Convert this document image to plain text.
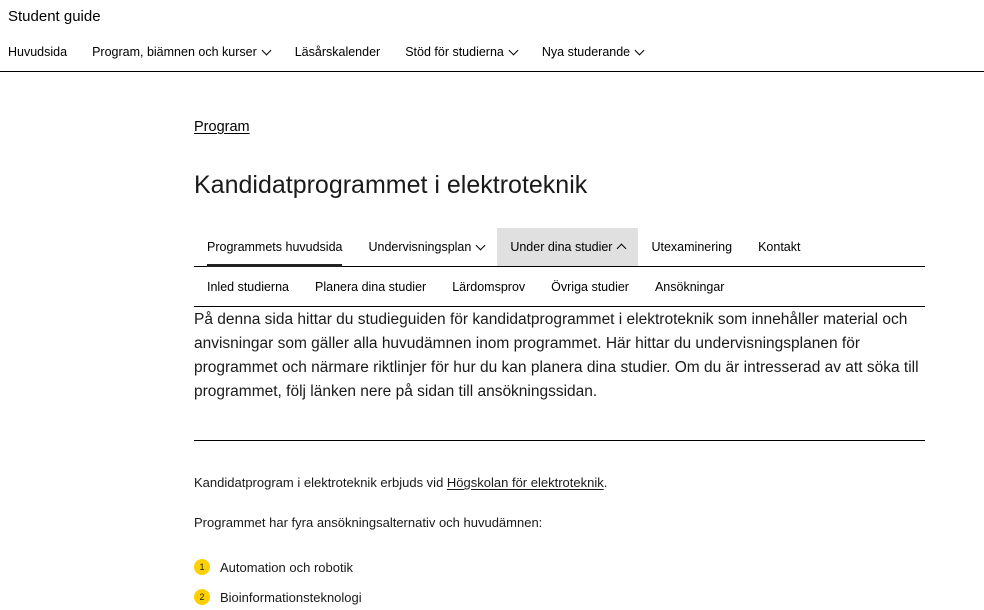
Student guide
Huvudsida Program, biämnen och kurser	Läsårskalender Stöd för studierna	Nya studerande
Program
Kandidatprogrammet i elektroteknik
Programmets huvudsida Undervisningsplan	Under dina studier	Utexaminering Kontakt
Inled studierna	Planera dina studier	Lärdomsprov	Övriga studier	Ansökningar

På denna sida hittar du studieguiden för kandidatprogrammet i elektroteknik som innehåller material och anvisningar som gäller alla huvudämnen inom programmet. Här hittar du undervisningsplanen för programmet och närmare riktlinjer för hur du kan planera dina studier. Om du är intresserad av att söka till programmet, följ länken nere på sidan till ansökningssidan.

Kandidatprogram i elektroteknik erbjuds vid Högskolan för elektroteknik.

Programmet har fyra ansökningsalternativ och huvudämnen:

1	Automation och robotik
2	Bioinformationsteknologi
